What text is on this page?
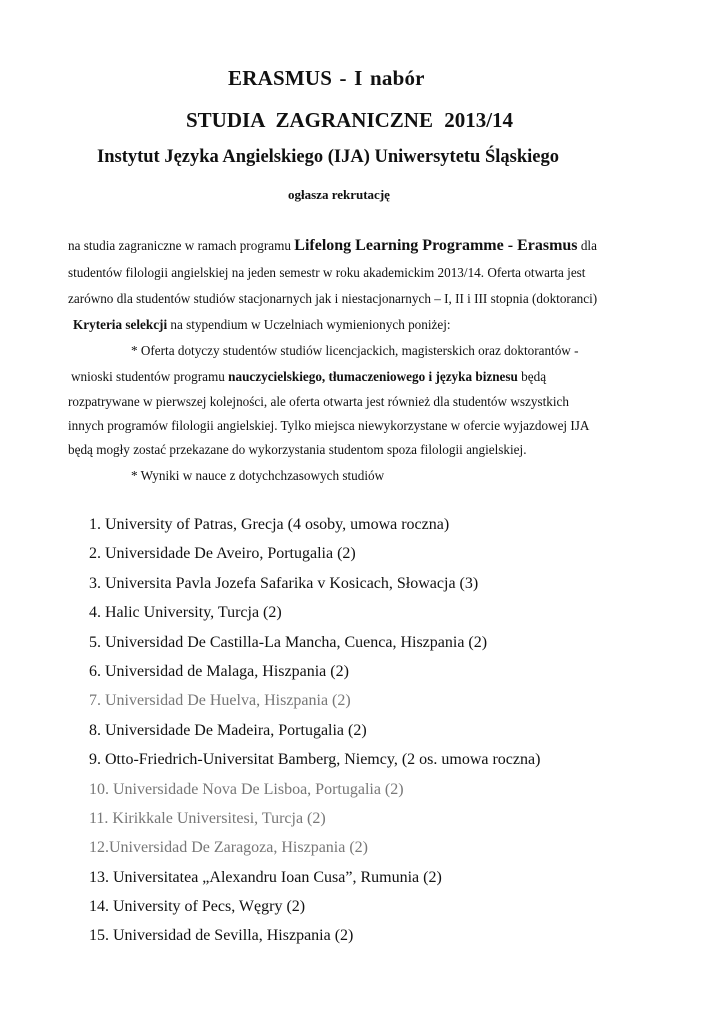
ERASMUS - I nabór
STUDIA ZAGRANICZNE 2013/14
Instytut Języka Angielskiego (IJA) Uniwersytetu Śląskiego
ogłasza rekrutację
na studia zagraniczne w ramach programu Lifelong Learning Programme - Erasmus dla
studentów filologii angielskiej na jeden semestr w roku akademickim 2013/14. Oferta otwarta jest
zarówno dla studentów studiów stacjonarnych jak i niestacjonarnych – I, II i III stopnia (doktoranci)
Kryteria selekcji na stypendium w Uczelniach wymienionych poniżej:
* Oferta dotyczy studentów studiów licencjackich, magisterskich oraz doktorantów -
wnioski studentów programu nauczycielskiego, tłumaczeniowego i języka biznesu będą
rozpatrywane w pierwszej kolejności, ale oferta otwarta jest również dla studentów wszystkich
innych programów filologii angielskiej. Tylko miejsca niewykorzystane w ofercie wyjazdowej IJA
będą mogły zostać przekazane do wykorzystania studentom spoza filologii angielskiej.
* Wyniki w nauce z dotychchzasowych studiów
1. University of Patras, Grecja (4 osoby, umowa roczna)
2. Universidade De Aveiro, Portugalia (2)
3. Universita Pavla Jozefa Safarika v Kosicach, Słowacja (3)
4. Halic University, Turcja (2)
5. Universidad De Castilla-La Mancha, Cuenca, Hiszpania (2)
6. Universidad de Malaga, Hiszpania (2)
7. Universidad De Huelva, Hiszpania (2)
8. Universidade De Madeira, Portugalia (2)
9. Otto-Friedrich-Universitat Bamberg, Niemcy, (2 os. umowa roczna)
10. Universidade Nova De Lisboa, Portugalia (2)
11. Kirikkale Universitesi, Turcja (2)
12.Universidad De Zaragoza, Hiszpania (2)
13. Universitatea „Alexandru Ioan Cusa”, Rumunia (2)
14. University of Pecs, Węgry (2)
15. Universidad de Sevilla, Hiszpania (2)
